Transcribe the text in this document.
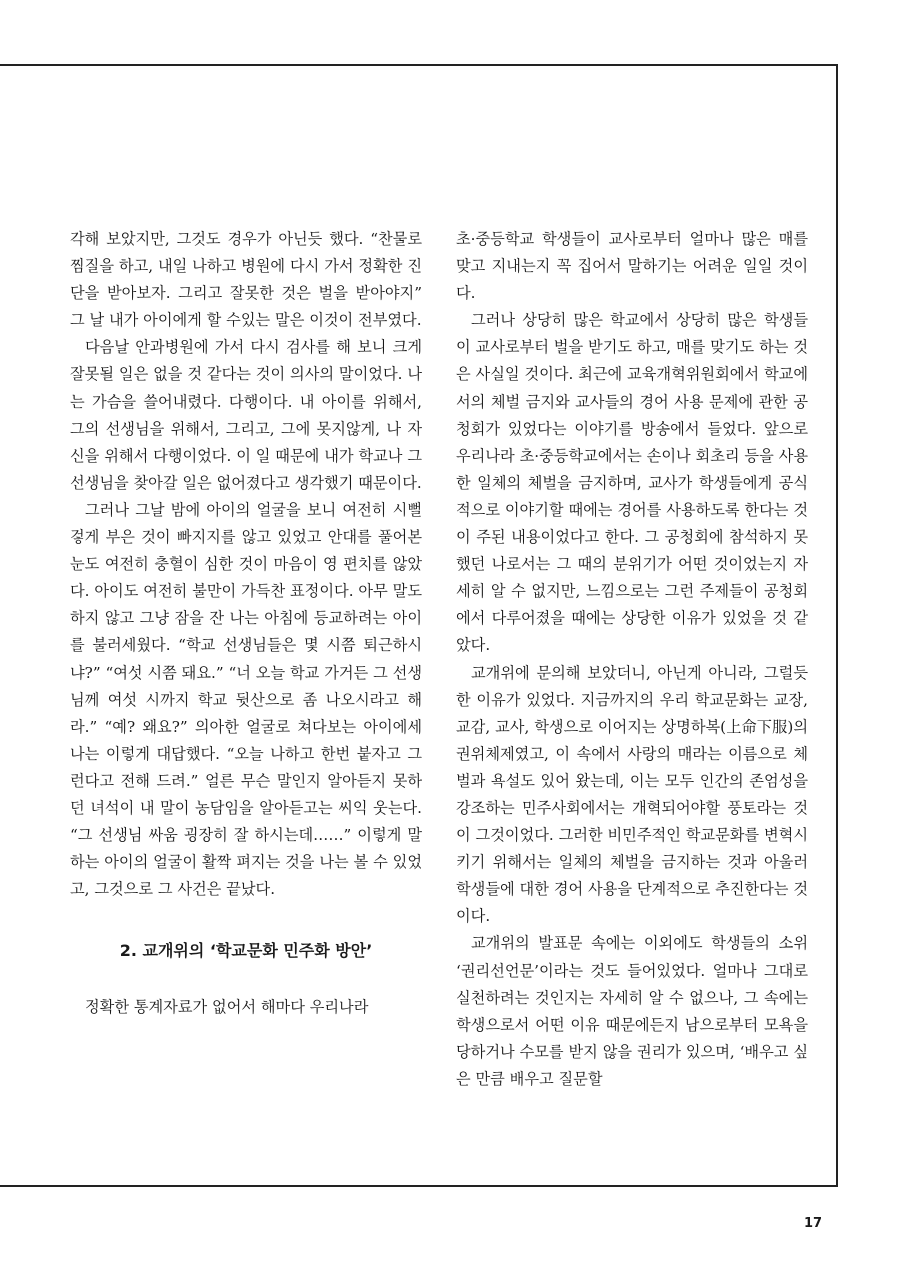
각해 보았지만, 그것도 경우가 아닌듯 했다. “찬물로 찜질을 하고, 내일 나하고 병원에 다시 가서 정확한 진단을 받아보자. 그리고 잘못한 것은 벌을 받아야지” 그 날 내가 아이에게 할 수있는 말은 이것이 전부였다.

다음날 안과병원에 가서 다시 검사를 해 보니 크게 잘못될 일은 없을 것 같다는 것이 의사의 말이었다. 나는 가슴을 쓸어내렸다. 다행이다. 내 아이를 위해서, 그의 선생님을 위해서, 그리고, 그에 못지않게, 나 자신을 위해서 다행이었다. 이 일 때문에 내가 학교나 그 선생님을 찾아갈 일은 없어졌다고 생각했기 때문이다.

그러나 그날 밤에 아이의 얼굴을 보니 여전히 시뻘겋게 부은 것이 빠지지를 않고 있었고 안대를 풀어본 눈도 여전히 충혈이 심한 것이 마음이 영 편치를 않았다. 아이도 여전히 불만이 가득찬 표정이다. 아무 말도 하지 않고 그냥 잠을 잔 나는 아침에 등교하려는 아이를 불러세웠다. “학교 선생님들은 몇 시쯤 퇴근하시냐?” “여섯 시쯤 돼요.” “너 오늘 학교 가거든 그 선생님께 여섯 시까지 학교 뒷산으로 좀 나오시라고 해라.” “예? 왜요?” 의아한 얼굴로 쳐다보는 아이에세 나는 이렇게 대답했다. “오늘 나하고 한번 붙자고 그런다고 전해 드려.” 얼른 무슨 말인지 알아듣지 못하던 녀석이 내 말이 농담임을 알아듣고는 씨익 웃는다. “그 선생님 싸움 굉장히 잘 하시는데……” 이렇게 말하는 아이의 얼굴이 활짝 펴지는 것을 나는 볼 수 있었고, 그것으로 그 사건은 끝났다.

2. 교개위의 ‘학교문화 민주화 방안’

정확한 통계자료가 없어서 해마다 우리나라

초·중등학교 학생들이 교사로부터 얼마나 많은 매를 맞고 지내는지 꼭 집어서 말하기는 어려운 일일 것이다.

그러나 상당히 많은 학교에서 상당히 많은 학생들이 교사로부터 벌을 받기도 하고, 매를 맞기도 하는 것은 사실일 것이다. 최근에 교육개혁위원회에서 학교에서의 체벌 금지와 교사들의 경어 사용 문제에 관한 공청회가 있었다는 이야기를 방송에서 들었다. 앞으로 우리나라 초·중등학교에서는 손이나 회초리 등을 사용한 일체의 체벌을 금지하며, 교사가 학생들에게 공식적으로 이야기할 때에는 경어를 사용하도록 한다는 것이 주된 내용이었다고 한다. 그 공청회에 참석하지 못했던 나로서는 그 때의 분위기가 어떤 것이었는지 자세히 알 수 없지만, 느낌으로는 그런 주제들이 공청회에서 다루어졌을 때에는 상당한 이유가 있었을 것 같았다.

교개위에 문의해 보았더니, 아닌게 아니라, 그럴듯한 이유가 있었다. 지금까지의 우리 학교문화는 교장, 교감, 교사, 학생으로 이어지는 상명하복(上命下服)의 권위체제였고, 이 속에서 사랑의 매라는 이름으로 체벌과 욕설도 있어 왔는데, 이는 모두 인간의 존엄성을 강조하는 민주사회에서는 개혁되어야할 풍토라는 것이 그것이었다. 그러한 비민주적인 학교문화를 변혁시키기 위해서는 일체의 체벌을 금지하는 것과 아울러 학생들에 대한 경어 사용을 단계적으로 추진한다는 것이다.

교개위의 발표문 속에는 이외에도 학생들의 소위 ‘권리선언문’이라는 것도 들어있었다. 얼마나 그대로 실천하려는 것인지는 자세히 알 수 없으나, 그 속에는 학생으로서 어떤 이유 때문에든지 남으로부터 모욕을 당하거나 수모를 받지 않을 권리가 있으며, ‘배우고 싶은 만큼 배우고 질문할

17
